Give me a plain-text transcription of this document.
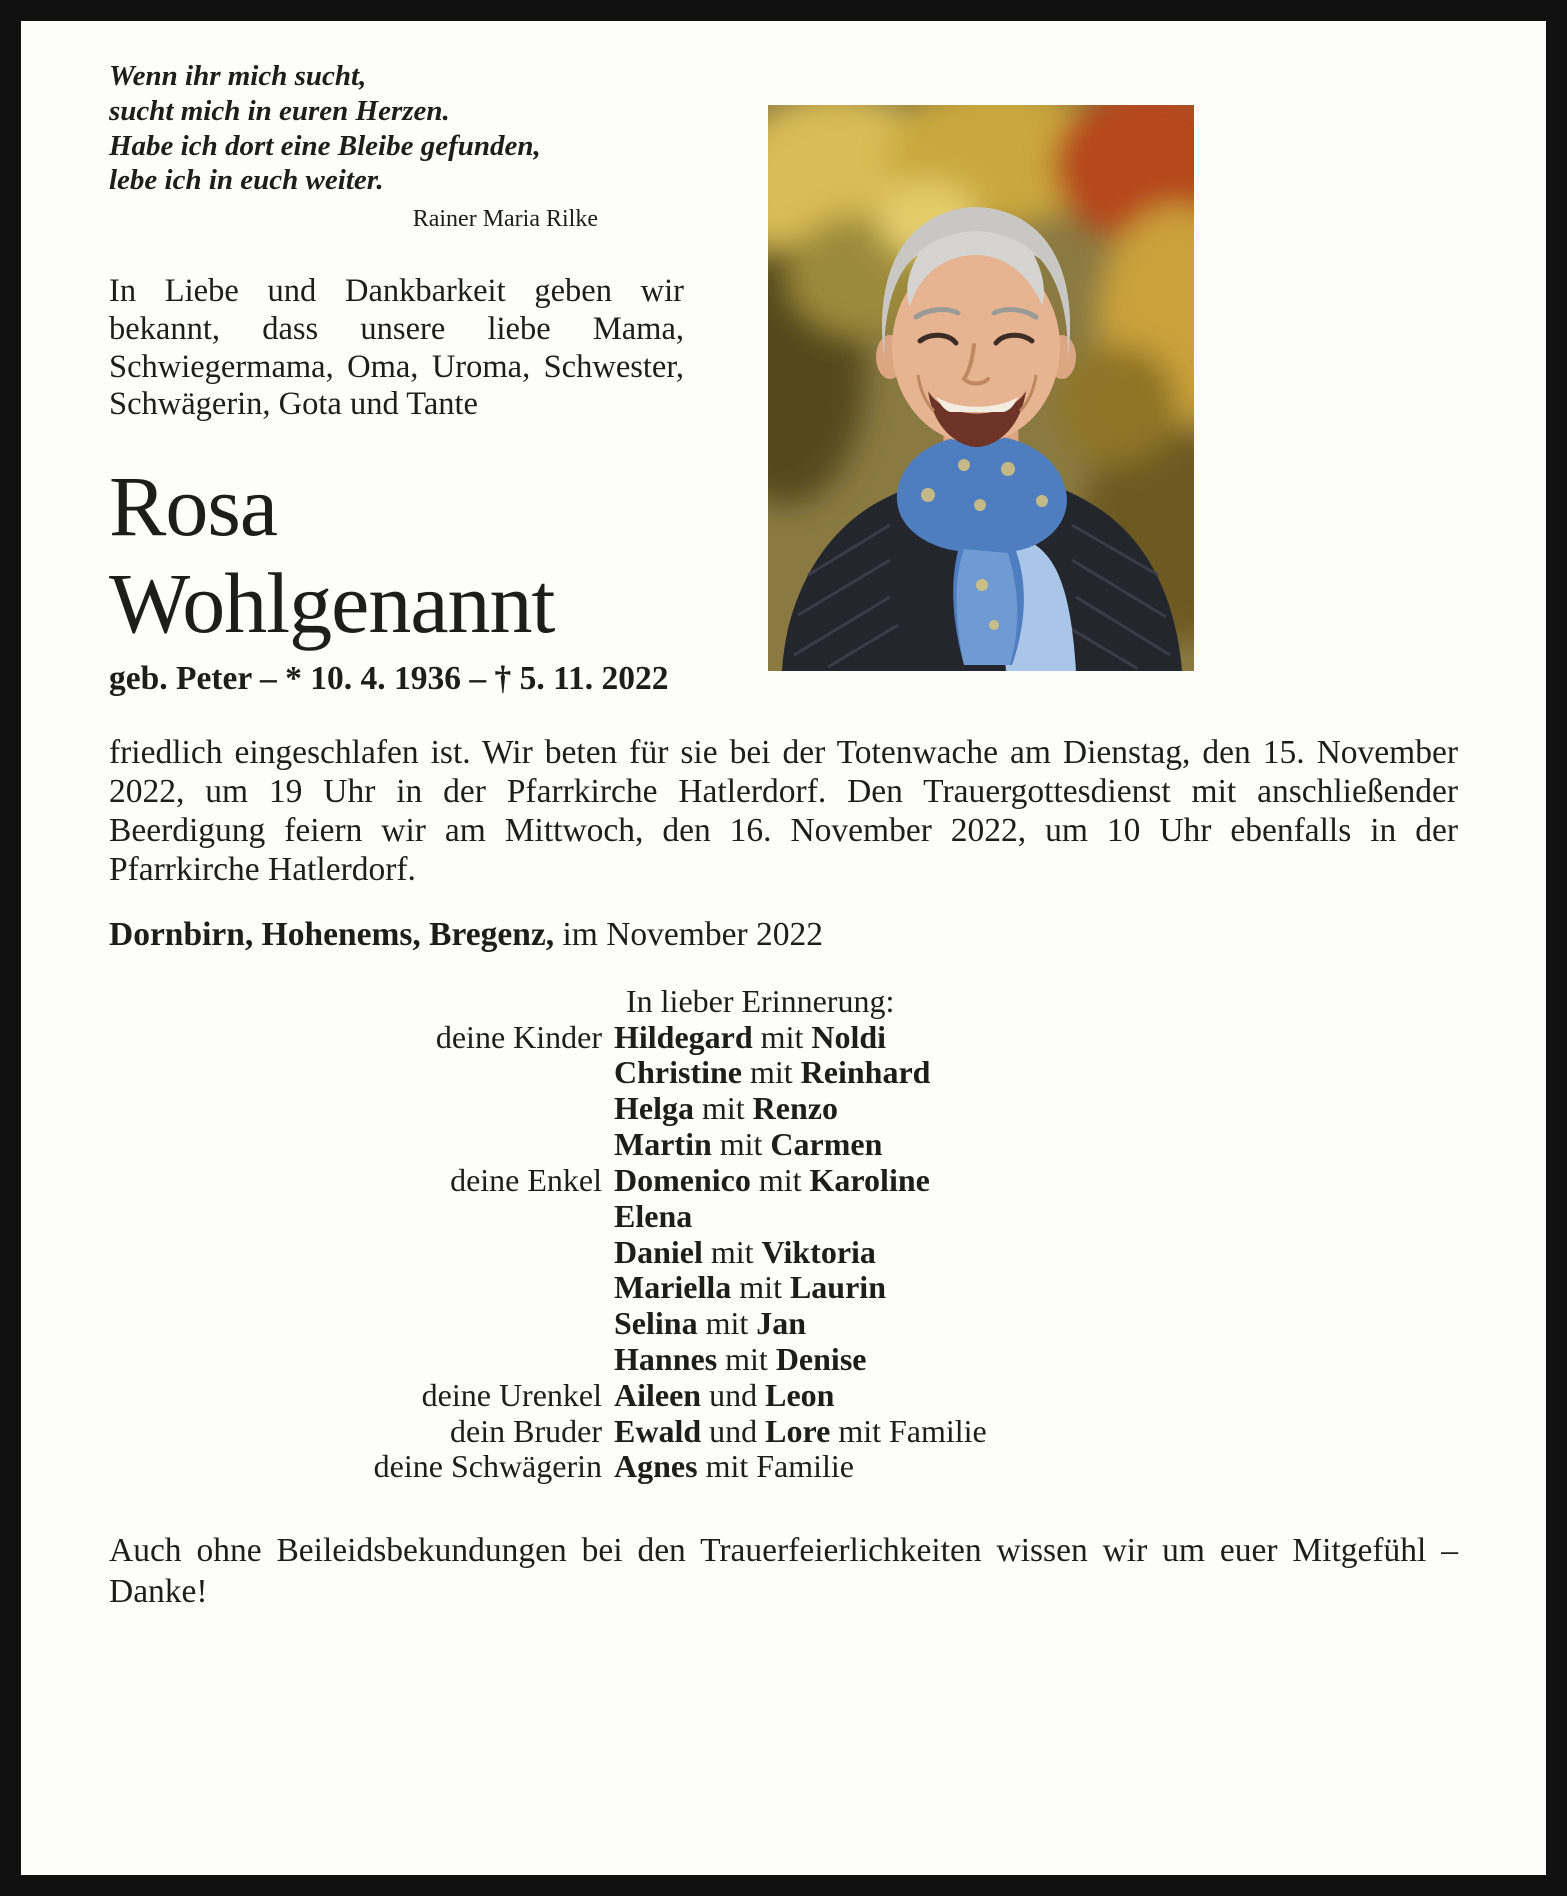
Wenn ihr mich sucht,
sucht mich in euren Herzen.
Habe ich dort eine Bleibe gefunden,
lebe ich in euch weiter.
Rainer Maria Rilke

In Liebe und Dankbarkeit geben wir bekannt, dass unsere liebe Mama, Schwiegermama, Oma, Uroma, Schwester, Schwägerin, Gota und Tante

Rosa
Wohlgenannt
geb. Peter – * 10. 4. 1936 – † 5. 11. 2022

friedlich eingeschlafen ist. Wir beten für sie bei der Totenwache am Dienstag, den 15. November 2022, um 19 Uhr in der Pfarrkirche Hatlerdorf. Den Trauergottesdienst mit anschließender Beerdigung feiern wir am Mittwoch, den 16. November 2022, um 10 Uhr ebenfalls in der Pfarrkirche Hatlerdorf.

Dornbirn, Hohenems, Bregenz, im November 2022

In lieber Erinnerung:
deine Kinder Hildegard mit Noldi
Christine mit Reinhard
Helga mit Renzo
Martin mit Carmen
deine Enkel Domenico mit Karoline
Elena
Daniel mit Viktoria
Mariella mit Laurin
Selina mit Jan
Hannes mit Denise
deine Urenkel Aileen und Leon
dein Bruder Ewald und Lore mit Familie
deine Schwägerin Agnes mit Familie

Auch ohne Beileidsbekundungen bei den Trauerfeierlichkeiten wissen wir um euer Mitgefühl – Danke!
